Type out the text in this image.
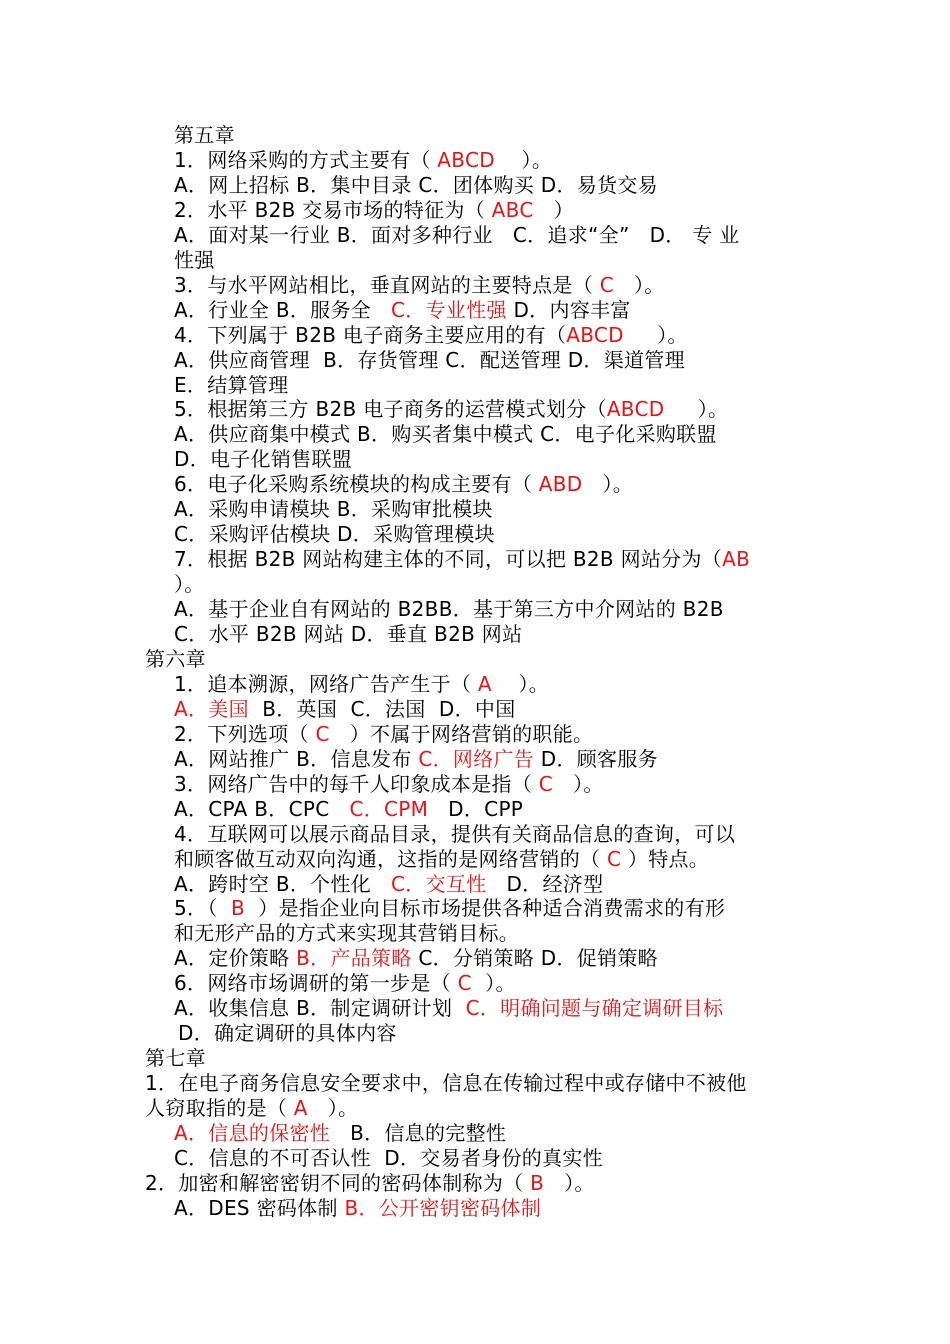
第五章
1．网络采购的方式主要有（ ABCD    ）。
A．网上招标 B．集中目录 C．团体购买 D．易货交易
2．水平 B2B 交易市场的特征为（ ABC   ）
A．面对某一行业 B．面对多种行业   C．追求“全”   D． 专 业
性强
3．与水平网站相比，垂直网站的主要特点是（ C   ）。
A．行业全 B．服务全   C．专业性强 D．内容丰富
4．下列属于 B2B 电子商务主要应用的有（ABCD     ）。
A．供应商管理  B．存货管理 C．配送管理 D．渠道管理
E．结算管理
5．根据第三方 B2B 电子商务的运营模式划分（ABCD     ）。
A．供应商集中模式 B．购买者集中模式 C．电子化采购联盟
D．电子化销售联盟
6．电子化采购系统模块的构成主要有（ ABD   ）。
A．采购申请模块 B．采购审批模块
C．采购评估模块 D．采购管理模块
7．根据 B2B 网站构建主体的不同，可以把 B2B 网站分为（AB
）。
A．基于企业自有网站的 B2BB．基于第三方中介网站的 B2B
C．水平 B2B 网站 D．垂直 B2B 网站
第六章
1．追本溯源，网络广告产生于（ A    ）。
A．美国  B．英国  C．法国  D．中国
2．下列选项（ C   ）不属于网络营销的职能。
A．网站推广 B．信息发布 C．网络广告 D．顾客服务
3．网络广告中的每千人印象成本是指（ C   ）。
A．CPA B．CPC   C．CPM   D．CPP
4．互联网可以展示商品目录，提供有关商品信息的查询，可以
和顾客做互动双向沟通，这指的是网络营销的（ C ）特点。
A．跨时空 B．个性化   C．交互性   D．经济型
5．（  B  ）是指企业向目标市场提供各种适合消费需求的有形
和无形产品的方式来实现其营销目标。
A．定价策略 B．产品策略 C．分销策略 D．促销策略
6．网络市场调研的第一步是（ C  ）。
A．收集信息 B．制定调研计划  C．明确问题与确定调研目标
D．确定调研的具体内容
第七章
1．在电子商务信息安全要求中，信息在传输过程中或存储中不被他
人窃取指的是（ A   ）。
A．信息的保密性   B．信息的完整性
C．信息的不可否认性  D．交易者身份的真实性
2．加密和解密密钥不同的密码体制称为（ B   ）。
A．DES 密码体制 B．公开密钥密码体制
